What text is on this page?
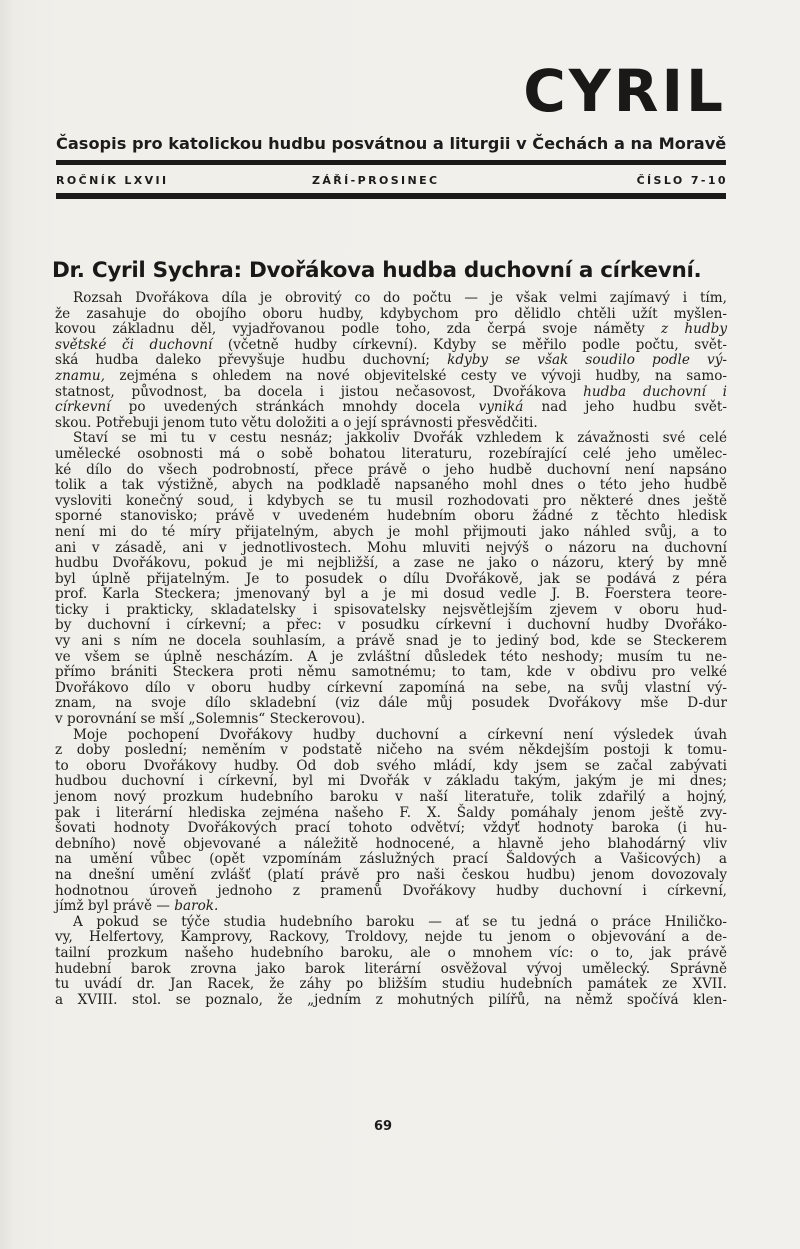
CYRIL
Časopis pro katolickou hudbu posvátnou a liturgii v Čechách a na Moravě
ROČNÍK LXVII	ZÁŘÍ-PROSINEC	ČÍSLO 7-10
Dr. Cyril Sychra: Dvořákova hudba duchovní a církevní.
Rozsah Dvořákova díla je obrovitý co do počtu — je však velmi zajímavý i tím,
že zasahuje do obojího oboru hudby, kdybychom pro dělidlo chtěli užít myšlen-
kovou základnu děl, vyjadřovanou podle toho, zda čerpá svoje náměty z hudby
světské či duchovní (včetně hudby církevní). Kdyby se měřilo podle počtu, svět-
ská hudba daleko převyšuje hudbu duchovní; kdyby se však soudilo podle vý-
znamu, zejména s ohledem na nové objevitelské cesty ve vývoji hudby, na samo-
statnost, původnost, ba docela i jistou nečasovost, Dvořákova hudba duchovní i
církevní po uvedených stránkách mnohdy docela vyniká nad jeho hudbu svět-
skou. Potřebuji jenom tuto větu doložiti a o její správnosti přesvědčiti.
Staví se mi tu v cestu nesnáz; jakkoliv Dvořák vzhledem k závažnosti své celé
umělecké osobnosti má o sobě bohatou literaturu, rozebírající celé jeho umělec-
ké dílo do všech podrobností, přece právě o jeho hudbě duchovní není napsáno
tolik a tak výstižně, abych na podkladě napsaného mohl dnes o této jeho hudbě
vysloviti konečný soud, i kdybych se tu musil rozhodovati pro některé dnes ještě
sporné stanovisko; právě v uvedeném hudebním oboru žádné z těchto hledisk
není mi do té míry přijatelným, abych je mohl přijmouti jako náhled svůj, a to
ani v zásadě, ani v jednotlivostech. Mohu mluviti nejvýš o názoru na duchovní
hudbu Dvořákovu, pokud je mi nejbližší, a zase ne jako o názoru, který by mně
byl úplně přijatelným. Je to posudek o dílu Dvořákově, jak se podává z péra
prof. Karla Steckera; jmenovaný byl a je mi dosud vedle J. B. Foerstera teore-
ticky i prakticky, skladatelsky i spisovatelsky nejsvětlejším zjevem v oboru hud-
by duchovní i církevní; a přec: v posudku církevní i duchovní hudby Dvořáko-
vy ani s ním ne docela souhlasím, a právě snad je to jediný bod, kde se Steckerem
ve všem se úplně nescházím. A je zvláštní důsledek této neshody; musím tu ne-
přímo brániti Steckera proti němu samotnému; to tam, kde v obdivu pro velké
Dvořákovo dílo v oboru hudby církevní zapomíná na sebe, na svůj vlastní vý-
znam, na svoje dílo skladební (viz dále můj posudek Dvořákovy mše D-dur
v porovnání se mší „Solemnis“ Steckerovou).
Moje pochopení Dvořákovy hudby duchovní a církevní není výsledek úvah
z doby poslední; neměním v podstatě ničeho na svém někdejším postoji k tomu-
to oboru Dvořákovy hudby. Od dob svého mládí, kdy jsem se začal zabývati
hudbou duchovní i církevní, byl mi Dvořák v základu takým, jakým je mi dnes;
jenom nový prozkum hudebního baroku v naší literatuře, tolik zdařilý a hojný,
pak i literární hlediska zejména našeho F. X. Šaldy pomáhaly jenom ještě zvy-
šovati hodnoty Dvořákových prací tohoto odvětví; vždyť hodnoty baroka (i hu-
debního) nově objevované a náležitě hodnocené, a hlavně jeho blahodárný vliv
na umění vůbec (opět vzpomínám záslužných prací Šaldových a Vašicových) a
na dnešní umění zvlášť (platí právě pro naši českou hudbu) jenom dovozovaly
hodnotnou úroveň jednoho z pramenů Dvořákovy hudby duchovní i církevní,
jímž byl právě — barok.
A pokud se týče studia hudebního baroku — ať se tu jedná o práce Hniličko-
vy, Helfertovy, Kamprovy, Rackovy, Troldovy, nejde tu jenom o objevování a de-
tailní prozkum našeho hudebního baroku, ale o mnohem víc: o to, jak právě
hudební barok zrovna jako barok literární osvěžoval vývoj umělecký. Správně
tu uvádí dr. Jan Racek, že záhy po bližším studiu hudebních památek ze XVII.
a XVIII. stol. se poznalo, že „jedním z mohutných pilířů, na němž spočívá klen-
69
